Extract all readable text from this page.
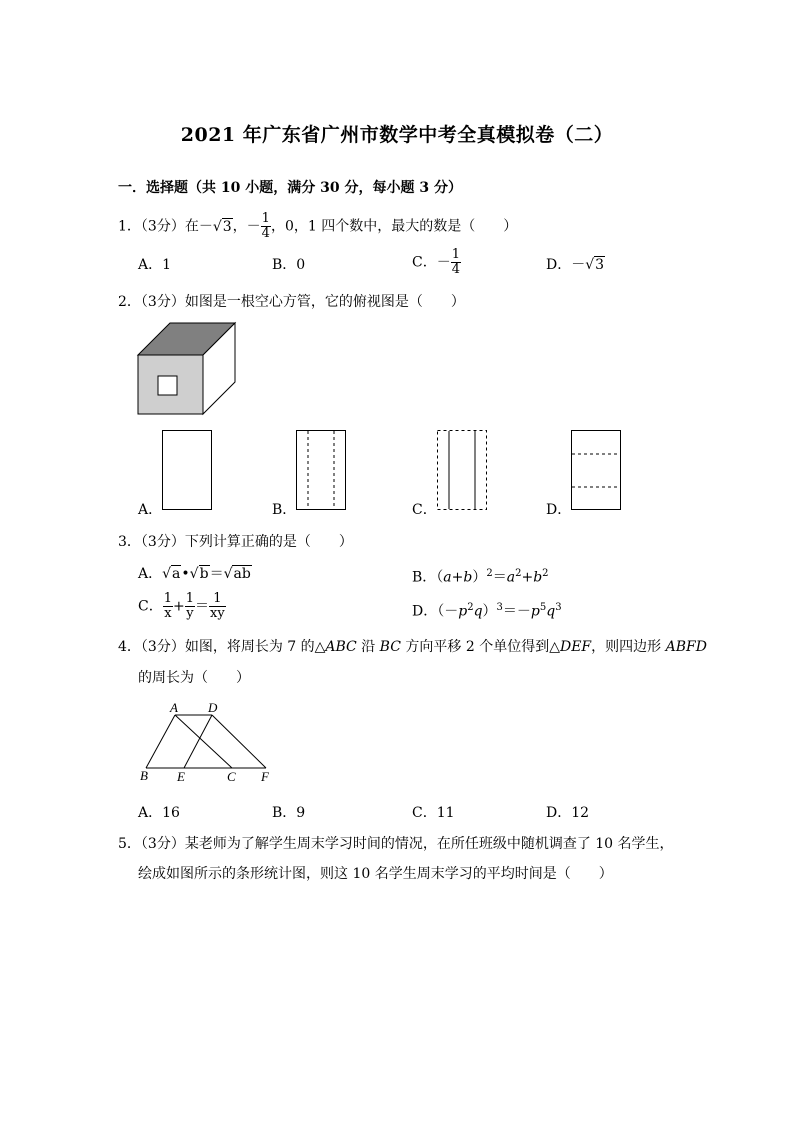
2021 年广东省广州市数学中考全真模拟卷（二）
一．选择题（共 10 小题，满分 30 分，每小题 3 分）
1．（3分）在－√3，－ $\frac{1}{4}$ ，0，1 四个数中，最大的数是（　　）
A．1	B．0	C．－ $\frac{1}{4}$	D．－√3
2．（3分）如图是一根空心方管，它的俯视图是（　　）
A．	B．	C．	D．
3．（3分）下列计算正确的是（　　）
A．√a•√b＝√ab	B．$(a+b)^2=a^2+b^2$
C． $\frac{1}{x} + \frac{1}{y} = \frac{1}{xy}$	D．$(-p^2q)^3=-p^5q^3$
4．（3分）如图，将周长为 7 的△ABC 沿 BC 方向平移 2 个单位得到△DEF，则四边形 ABFD
的周长为（　　）
A D
B E	C F
A．16	B．9	C．11	D．12
5．（3分）某老师为了解学生周末学习时间的情况，在所任班级中随机调查了 10 名学生，
绘成如图所示的条形统计图，则这 10 名学生周末学习的平均时间是（　　）
